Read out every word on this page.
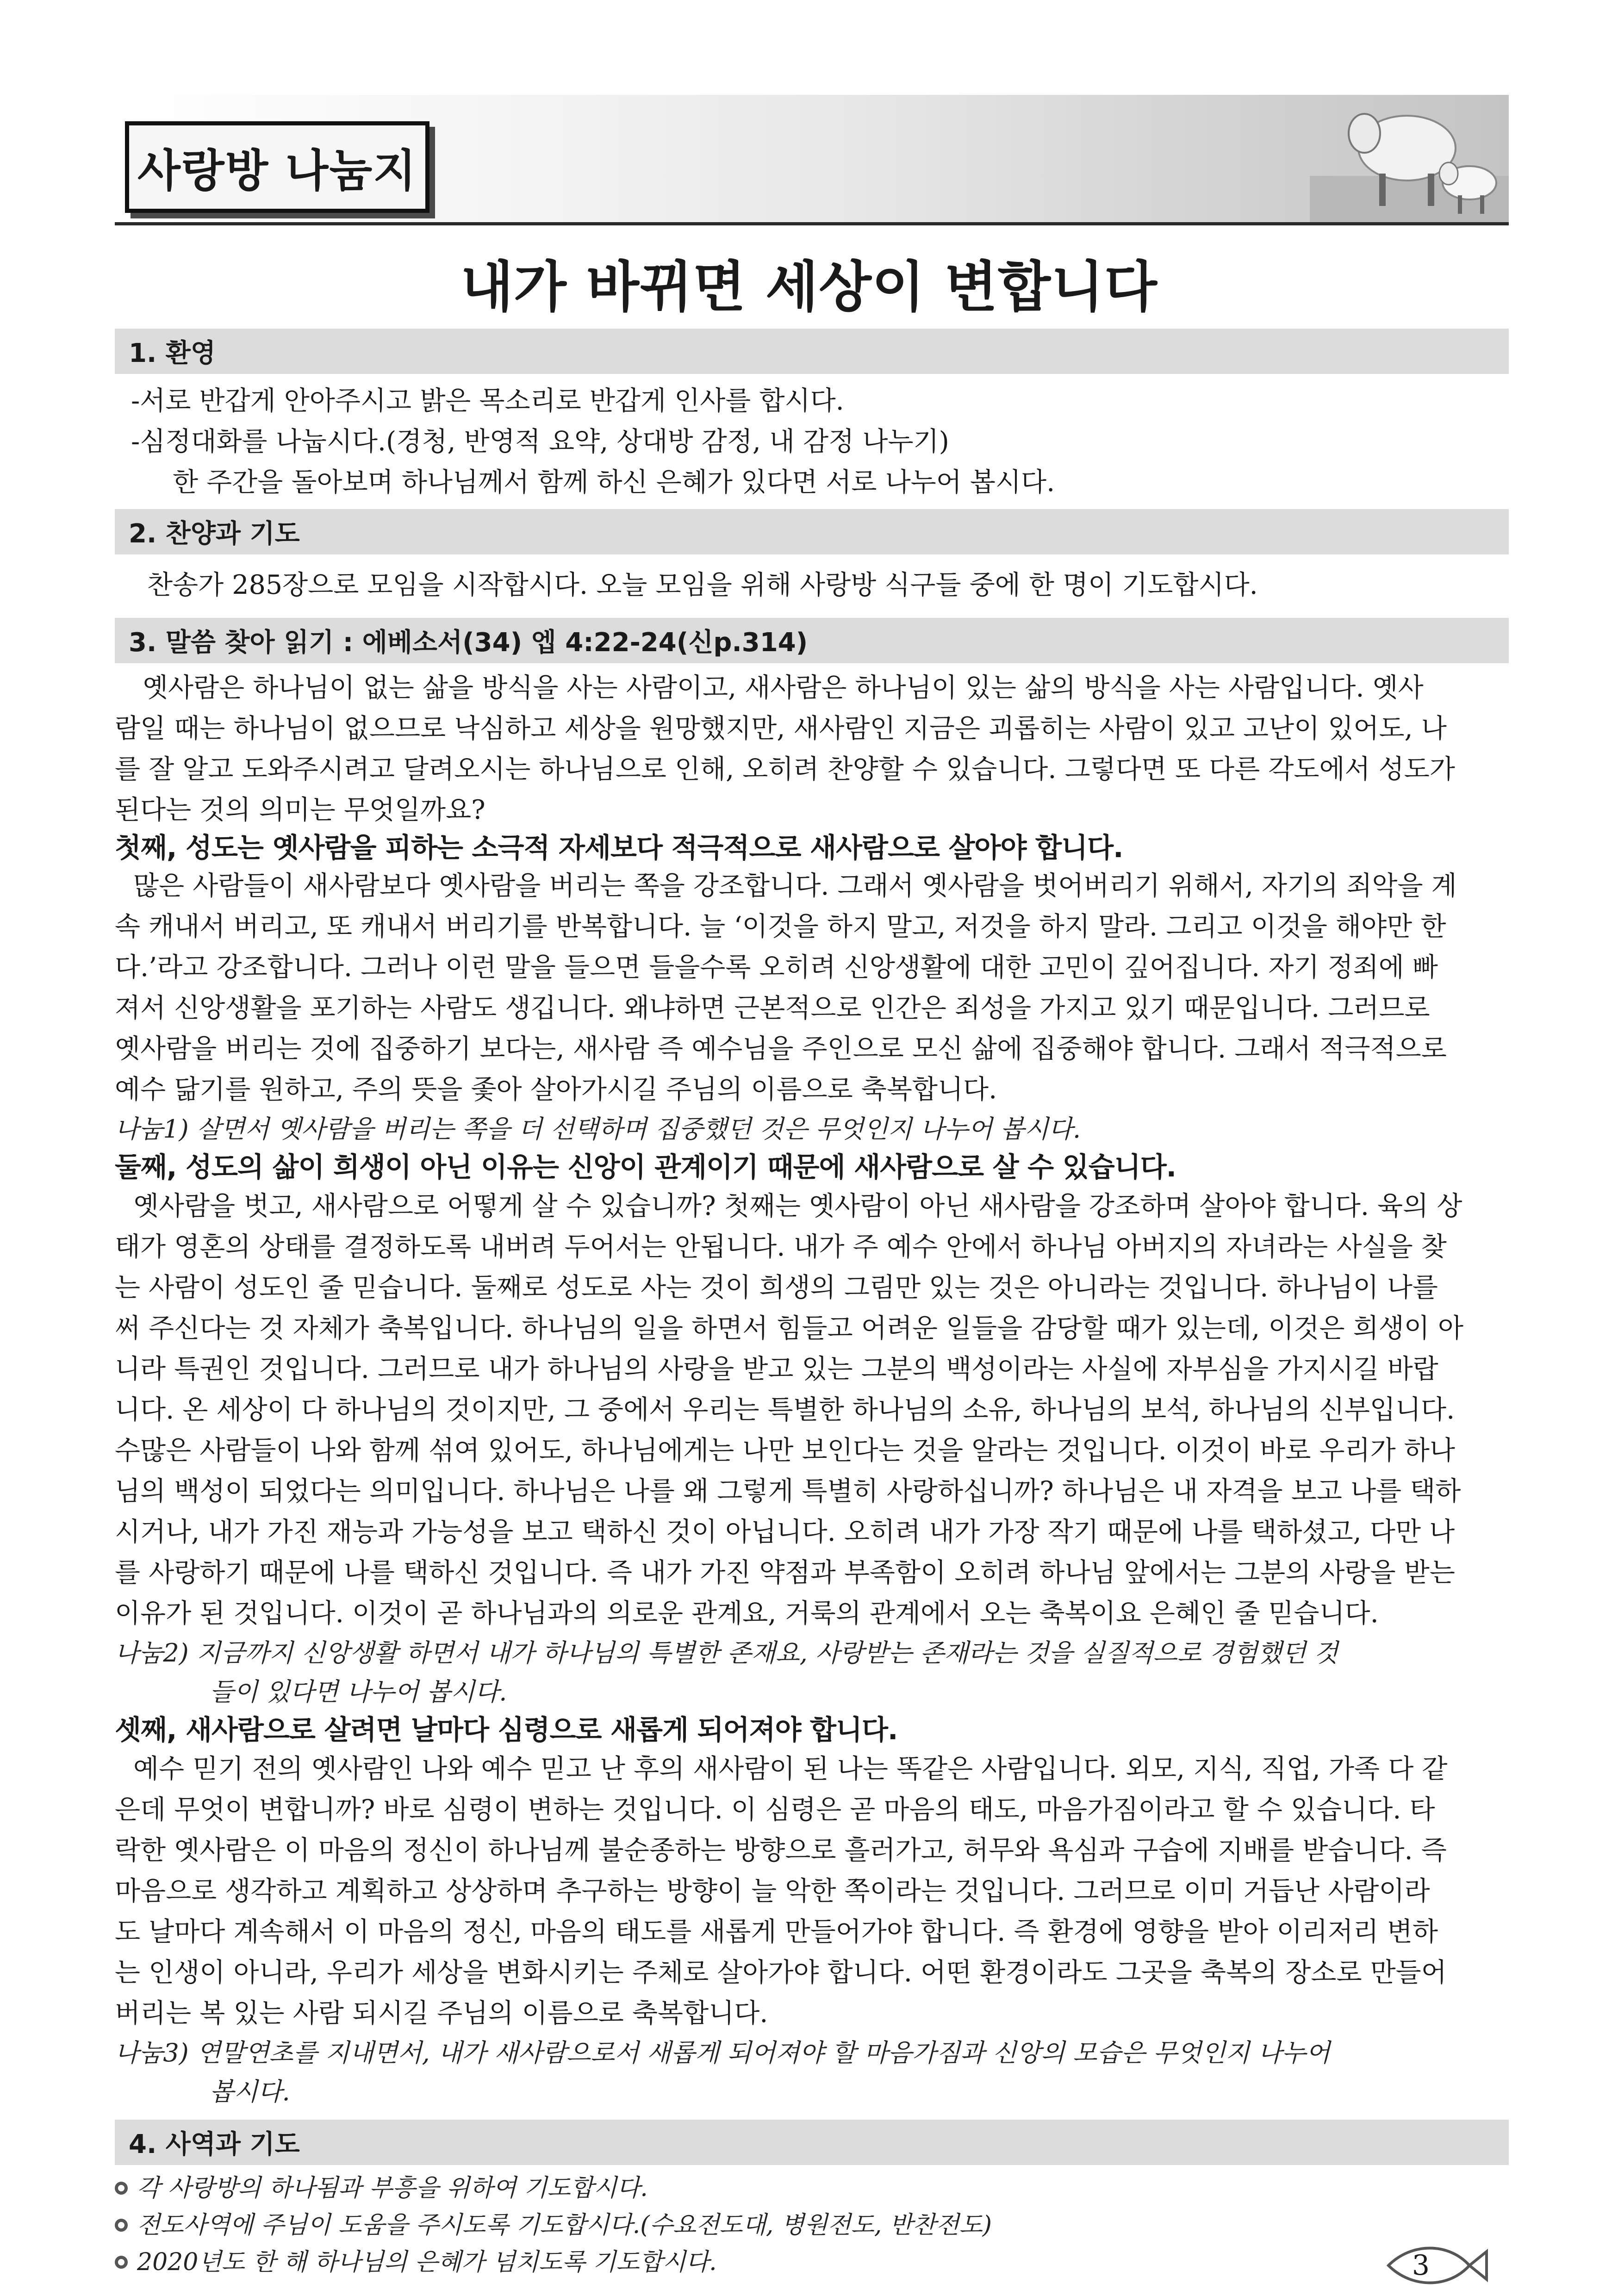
사랑방 나눔지
내가 바뀌면 세상이 변합니다
1. 환영
-서로 반갑게 안아주시고 밝은 목소리로 반갑게 인사를 합시다.
-심정대화를 나눕시다.(경청, 반영적 요약, 상대방 감정, 내 감정 나누기)
한 주간을 돌아보며 하나님께서 함께 하신 은혜가 있다면 서로 나누어 봅시다.
2. 찬양과 기도
찬송가 285장으로 모임을 시작합시다. 오늘 모임을 위해 사랑방 식구들 중에 한 명이 기도합시다.
3. 말씀 찾아 읽기 : 에베소서(34) 엡 4:22-24(신p.314)
옛사람은 하나님이 없는 삶을 방식을 사는 사람이고, 새사람은 하나님이 있는 삶의 방식을 사는 사람입니다. 옛사
람일 때는 하나님이 없으므로 낙심하고 세상을 원망했지만, 새사람인 지금은 괴롭히는 사람이 있고 고난이 있어도, 나
를 잘 알고 도와주시려고 달려오시는 하나님으로 인해, 오히려 찬양할 수 있습니다. 그렇다면 또 다른 각도에서 성도가
된다는 것의 의미는 무엇일까요?
첫째, 성도는 옛사람을 피하는 소극적 자세보다 적극적으로 새사람으로 살아야 합니다.
많은 사람들이 새사람보다 옛사람을 버리는 쪽을 강조합니다. 그래서 옛사람을 벗어버리기 위해서, 자기의 죄악을 계
속 캐내서 버리고, 또 캐내서 버리기를 반복합니다. 늘 ‘이것을 하지 말고, 저것을 하지 말라. 그리고 이것을 해야만 한
다.’라고 강조합니다. 그러나 이런 말을 들으면 들을수록 오히려 신앙생활에 대한 고민이 깊어집니다. 자기 정죄에 빠
져서 신앙생활을 포기하는 사람도 생깁니다. 왜냐하면 근본적으로 인간은 죄성을 가지고 있기 때문입니다. 그러므로
옛사람을 버리는 것에 집중하기 보다는, 새사람 즉 예수님을 주인으로 모신 삶에 집중해야 합니다. 그래서 적극적으로
예수 닮기를 원하고, 주의 뜻을 좇아 살아가시길 주님의 이름으로 축복합니다.
나눔1) 살면서 옛사람을 버리는 쪽을 더 선택하며 집중했던 것은 무엇인지 나누어 봅시다.
둘째, 성도의 삶이 희생이 아닌 이유는 신앙이 관계이기 때문에 새사람으로 살 수 있습니다.
옛사람을 벗고, 새사람으로 어떻게 살 수 있습니까? 첫째는 옛사람이 아닌 새사람을 강조하며 살아야 합니다. 육의 상
태가 영혼의 상태를 결정하도록 내버려 두어서는 안됩니다. 내가 주 예수 안에서 하나님 아버지의 자녀라는 사실을 찾
는 사람이 성도인 줄 믿습니다. 둘째로 성도로 사는 것이 희생의 그림만 있는 것은 아니라는 것입니다. 하나님이 나를
써 주신다는 것 자체가 축복입니다. 하나님의 일을 하면서 힘들고 어려운 일들을 감당할 때가 있는데, 이것은 희생이 아
니라 특권인 것입니다. 그러므로 내가 하나님의 사랑을 받고 있는 그분의 백성이라는 사실에 자부심을 가지시길 바랍
니다. 온 세상이 다 하나님의 것이지만, 그 중에서 우리는 특별한 하나님의 소유, 하나님의 보석, 하나님의 신부입니다.
수많은 사람들이 나와 함께 섞여 있어도, 하나님에게는 나만 보인다는 것을 알라는 것입니다. 이것이 바로 우리가 하나
님의 백성이 되었다는 의미입니다. 하나님은 나를 왜 그렇게 특별히 사랑하십니까? 하나님은 내 자격을 보고 나를 택하
시거나, 내가 가진 재능과 가능성을 보고 택하신 것이 아닙니다. 오히려 내가 가장 작기 때문에 나를 택하셨고, 다만 나
를 사랑하기 때문에 나를 택하신 것입니다. 즉 내가 가진 약점과 부족함이 오히려 하나님 앞에서는 그분의 사랑을 받는
이유가 된 것입니다. 이것이 곧 하나님과의 의로운 관계요, 거룩의 관계에서 오는 축복이요 은혜인 줄 믿습니다.
나눔2) 지금까지 신앙생활 하면서 내가 하나님의 특별한 존재요, 사랑받는 존재라는 것을 실질적으로 경험했던 것
들이 있다면 나누어 봅시다.
셋째, 새사람으로 살려면 날마다 심령으로 새롭게 되어져야 합니다.
예수 믿기 전의 옛사람인 나와 예수 믿고 난 후의 새사람이 된 나는 똑같은 사람입니다. 외모, 지식, 직업, 가족 다 같
은데 무엇이 변합니까? 바로 심령이 변하는 것입니다. 이 심령은 곧 마음의 태도, 마음가짐이라고 할 수 있습니다. 타
락한 옛사람은 이 마음의 정신이 하나님께 불순종하는 방향으로 흘러가고, 허무와 욕심과 구습에 지배를 받습니다. 즉
마음으로 생각하고 계획하고 상상하며 추구하는 방향이 늘 악한 쪽이라는 것입니다. 그러므로 이미 거듭난 사람이라
도 날마다 계속해서 이 마음의 정신, 마음의 태도를 새롭게 만들어가야 합니다. 즉 환경에 영향을 받아 이리저리 변하
는 인생이 아니라, 우리가 세상을 변화시키는 주체로 살아가야 합니다. 어떤 환경이라도 그곳을 축복의 장소로 만들어
버리는 복 있는 사람 되시길 주님의 이름으로 축복합니다.
나눔3) 연말연초를 지내면서, 내가 새사람으로서 새롭게 되어져야 할 마음가짐과 신앙의 모습은 무엇인지 나누어
봅시다.
4. 사역과 기도
각 사랑방의 하나됨과 부흥을 위하여 기도합시다.
전도사역에 주님이 도움을 주시도록 기도합시다.(수요전도대, 병원전도, 반찬전도)
2020년도 한 해 하나님의 은혜가 넘치도록 기도합시다.	3
